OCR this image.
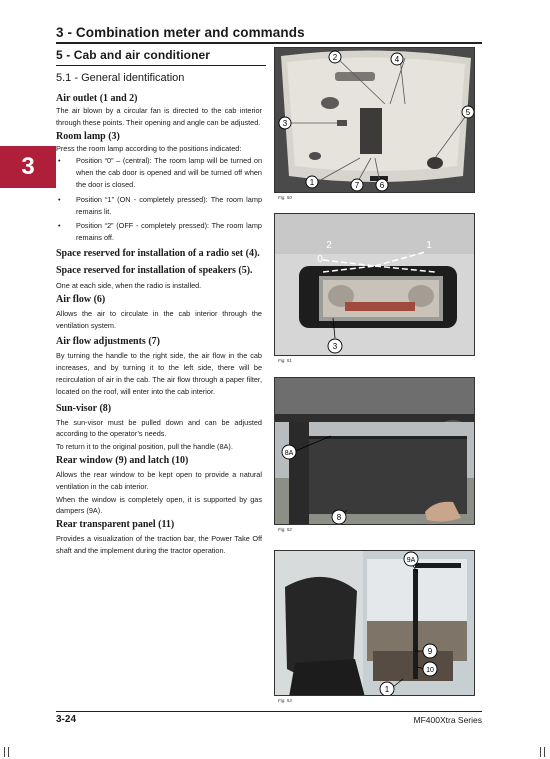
3 - Combination meter and commands
5 - Cab and air conditioner
5.1 - General identification
3
Air outlet (1 and 2)

The air blown by a circular fan is directed to the cab interior through these points. Their opening and angle can be adjusted.

Room lamp (3)

Press the room lamp according to the positions indicated:

• Position “0” – (central): The room lamp will be turned on when the cab door is opened and will be turned off when the door is closed.
• Position “1” (ON - completely pressed): The room lamp remains lit.
• Position “2” (OFF - completely pressed): The room lamp remains off.
Space reserved for installation of a radio set (4).
Space reserved for installation of speakers (5).

One at each side, when the radio is installed.

Air flow (6)

Allows the air to circulate in the cab interior through the ventilation system.

Air flow adjustments (7)

By turning the handle to the right side, the air flow in the cab increases, and by turning it to the left side, there will be recirculation of air in the cab. The air flow through a paper filter, located on the roof, will enter into the cab interior.

Sun-visor (8)

The sun-visor must be pulled down and can be adjusted according to the operator’s needs.

To return it to the original position, pull the handle (8A).

Rear window (9) and latch (10)

Allows the rear window to be kept open to provide a natural ventilation in the cab interior.

When the window is completely open, it is supported by gas dampers (9A).

Rear transparent panel (11)

Provides a visualization of the traction bar, the Power Take Off shaft and the implement during the tractor operation.

2	4
5
3
1	7	6
Fig. 50
2	1
0
3
Fig. 51
8A
8
Fig. 52
9A
9
10
1
Fig. 53
3-24	MF400Xtra Series
